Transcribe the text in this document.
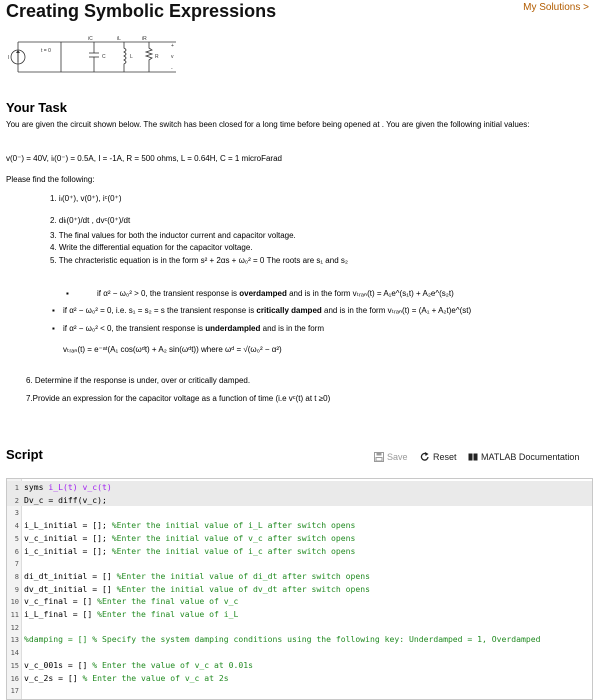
Creating Symbolic Expressions	My Solutions >
t = 0
iC	iL	iR
C	L	R v
+
-
I
Your Task
You are given the circuit shown below. The switch has been closed for a long time before being opened at . You are given the following initial values:
v(0⁻) = 40V, iₗ(0⁻) = 0.5A, I = -1A, R = 500 ohms, L = 0.64H, C = 1 microFarad
Please find the following:
1. iₗ(0⁺), v(0⁺), iᶜ(0⁺)
2. diₗ(0⁺)/dt , dvᶜ(0⁺)/dt
3. The final values for both the inductor current and capacitor voltage.
4. Write the differential equation for the capacitor voltage.
5. The chracteristic equation is in the form s² + 2αs + ω₀² = 0 The roots are s₁ and s₂
▪	if α² − ω₀² > 0, the transient response is overdamped and is in the form vₜᵣₐₙ(t) = A₁e^(s₁t) + A₂e^(s₂t)
▪ if α² − ω₀² = 0, i.e. s₁ = s₂ = s the transient response is critically damped and is in the form vₜᵣₐₙ(t) = (A₁ + A₂t)e^(st)
▪ if α² − ω₀² < 0, the transient response is underdampled and is in the form
vₜᵣₐₙ(t) = e⁻ᵃᵗ(A₁ cos(ωᵈt) + A₂ sin(ωᵈt)) where ωᵈ = √(ω₀² − α²)
6. Determine if the response is under, over or critically damped.
7.Provide an expression for the capacitor voltage as a function of time (i.e vᶜ(t) at t ≥0)
Script	Save	Reset	MATLAB Documentation
1 syms i_L(t) v_c(t)
2 Dv_c = diff(v_c);
3
4 i_L_initial = []; %Enter the initial value of i_L after switch opens
5 v_c_initial = []; %Enter the initial value of v_c after switch opens
6 i_c_initial = []; %Enter the initial value of i_c after switch opens
7
8 di_dt_initial = [] %Enter the initial value of di_dt after switch opens
9 dv_dt_initial = [] %Enter the initial value of dv_dt after switch opens
10 v_c_final = [] %Enter the final value of v_c
11 i_L_final = [] %Enter the final value of i_L
12
13 %damping = [] % Specify the system damping conditions using the following key: Underdamped = 1, Overdamped
14
15 v_c_001s = [] % Enter the value of v_c at 0.01s
16 v_c_2s = [] % Enter the value of v_c at 2s
17
